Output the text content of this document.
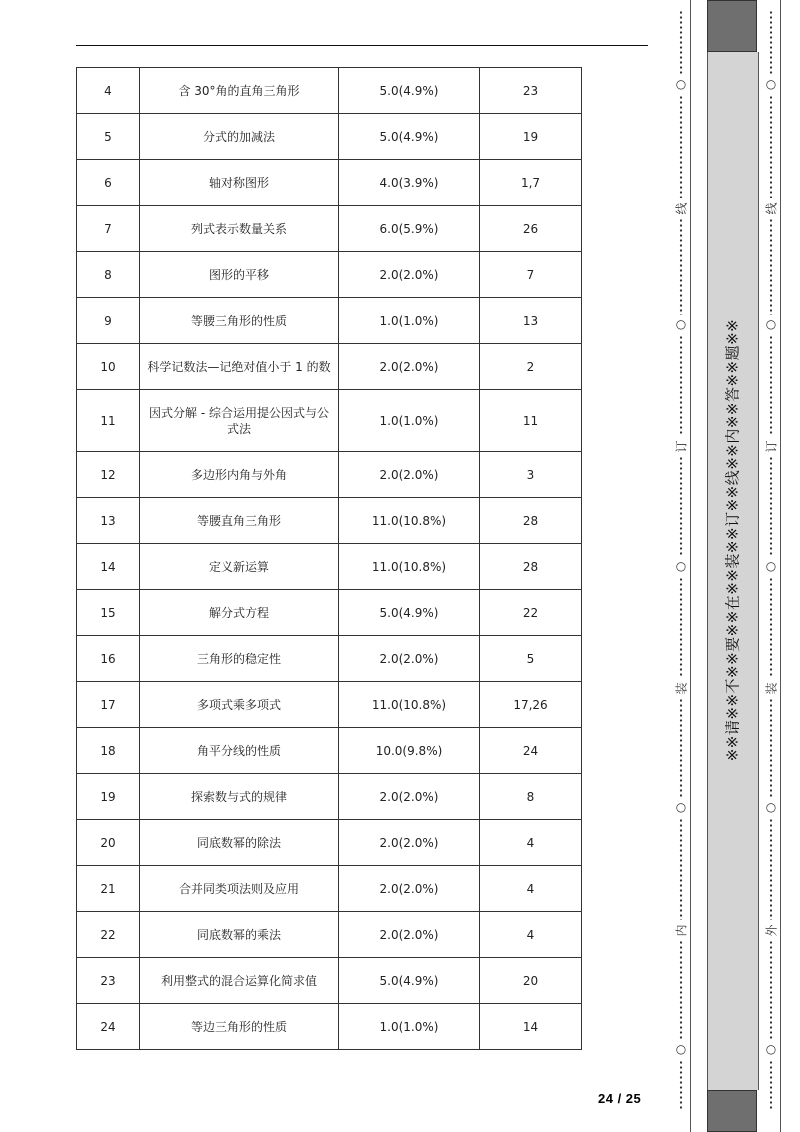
4	含 30°角的直角三角形	5.0(4.9%)	23
5	分式的加减法	5.0(4.9%)	19
6	轴对称图形	4.0(3.9%)	1,7
7	列式表示数量关系	6.0(5.9%)	26
8	图形的平移	2.0(2.0%)	7
9	等腰三角形的性质	1.0(1.0%)	13
10	科学记数法—记绝对值小于 1 的数	2.0(2.0%)	2
11	因式分解 - 综合运用提公因式与公式法	1.0(1.0%)	11
12	多边形内角与外角	2.0(2.0%)	3
13	等腰直角三角形	11.0(10.8%)	28
14	定义新运算	11.0(10.8%)	28
15	解分式方程	5.0(4.9%)	22
16	三角形的稳定性	2.0(2.0%)	5
17	多项式乘多项式	11.0(10.8%)	17,26
18	角平分线的性质	10.0(9.8%)	24
19	探索数与式的规律	2.0(2.0%)	8
20	同底数幂的除法	2.0(2.0%)	4
21	合并同类项法则及应用	2.0(2.0%)	4
22	同底数幂的乘法	2.0(2.0%)	4
23	利用整式的混合运算化简求值	5.0(4.9%)	20
24	等边三角形的性质	1.0(1.0%)	14
24 / 25
※※请※※不※※要※※在※※装※※订※※线※※内※※答※※题※※
○
○
○
○
○
线
订
装
内
○
○
○
○
○
线
订
装
外
